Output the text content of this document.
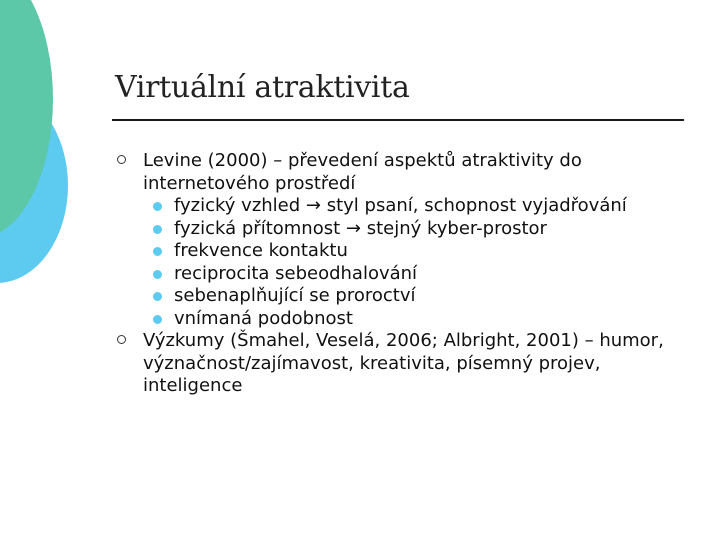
Virtuální atraktivita
Levine (2000) – převedení aspektů atraktivity do internetového prostředí
fyzický vzhled → styl psaní, schopnost vyjadřování
fyzická přítomnost → stejný kyber-prostor
frekvence kontaktu
reciprocita sebeodhalování
sebenaplňující se proroctví
vnímaná podobnost
Výzkumy (Šmahel, Veselá, 2006; Albright, 2001) – humor, význačnost/zajímavost, kreativita, písemný projev, inteligence
